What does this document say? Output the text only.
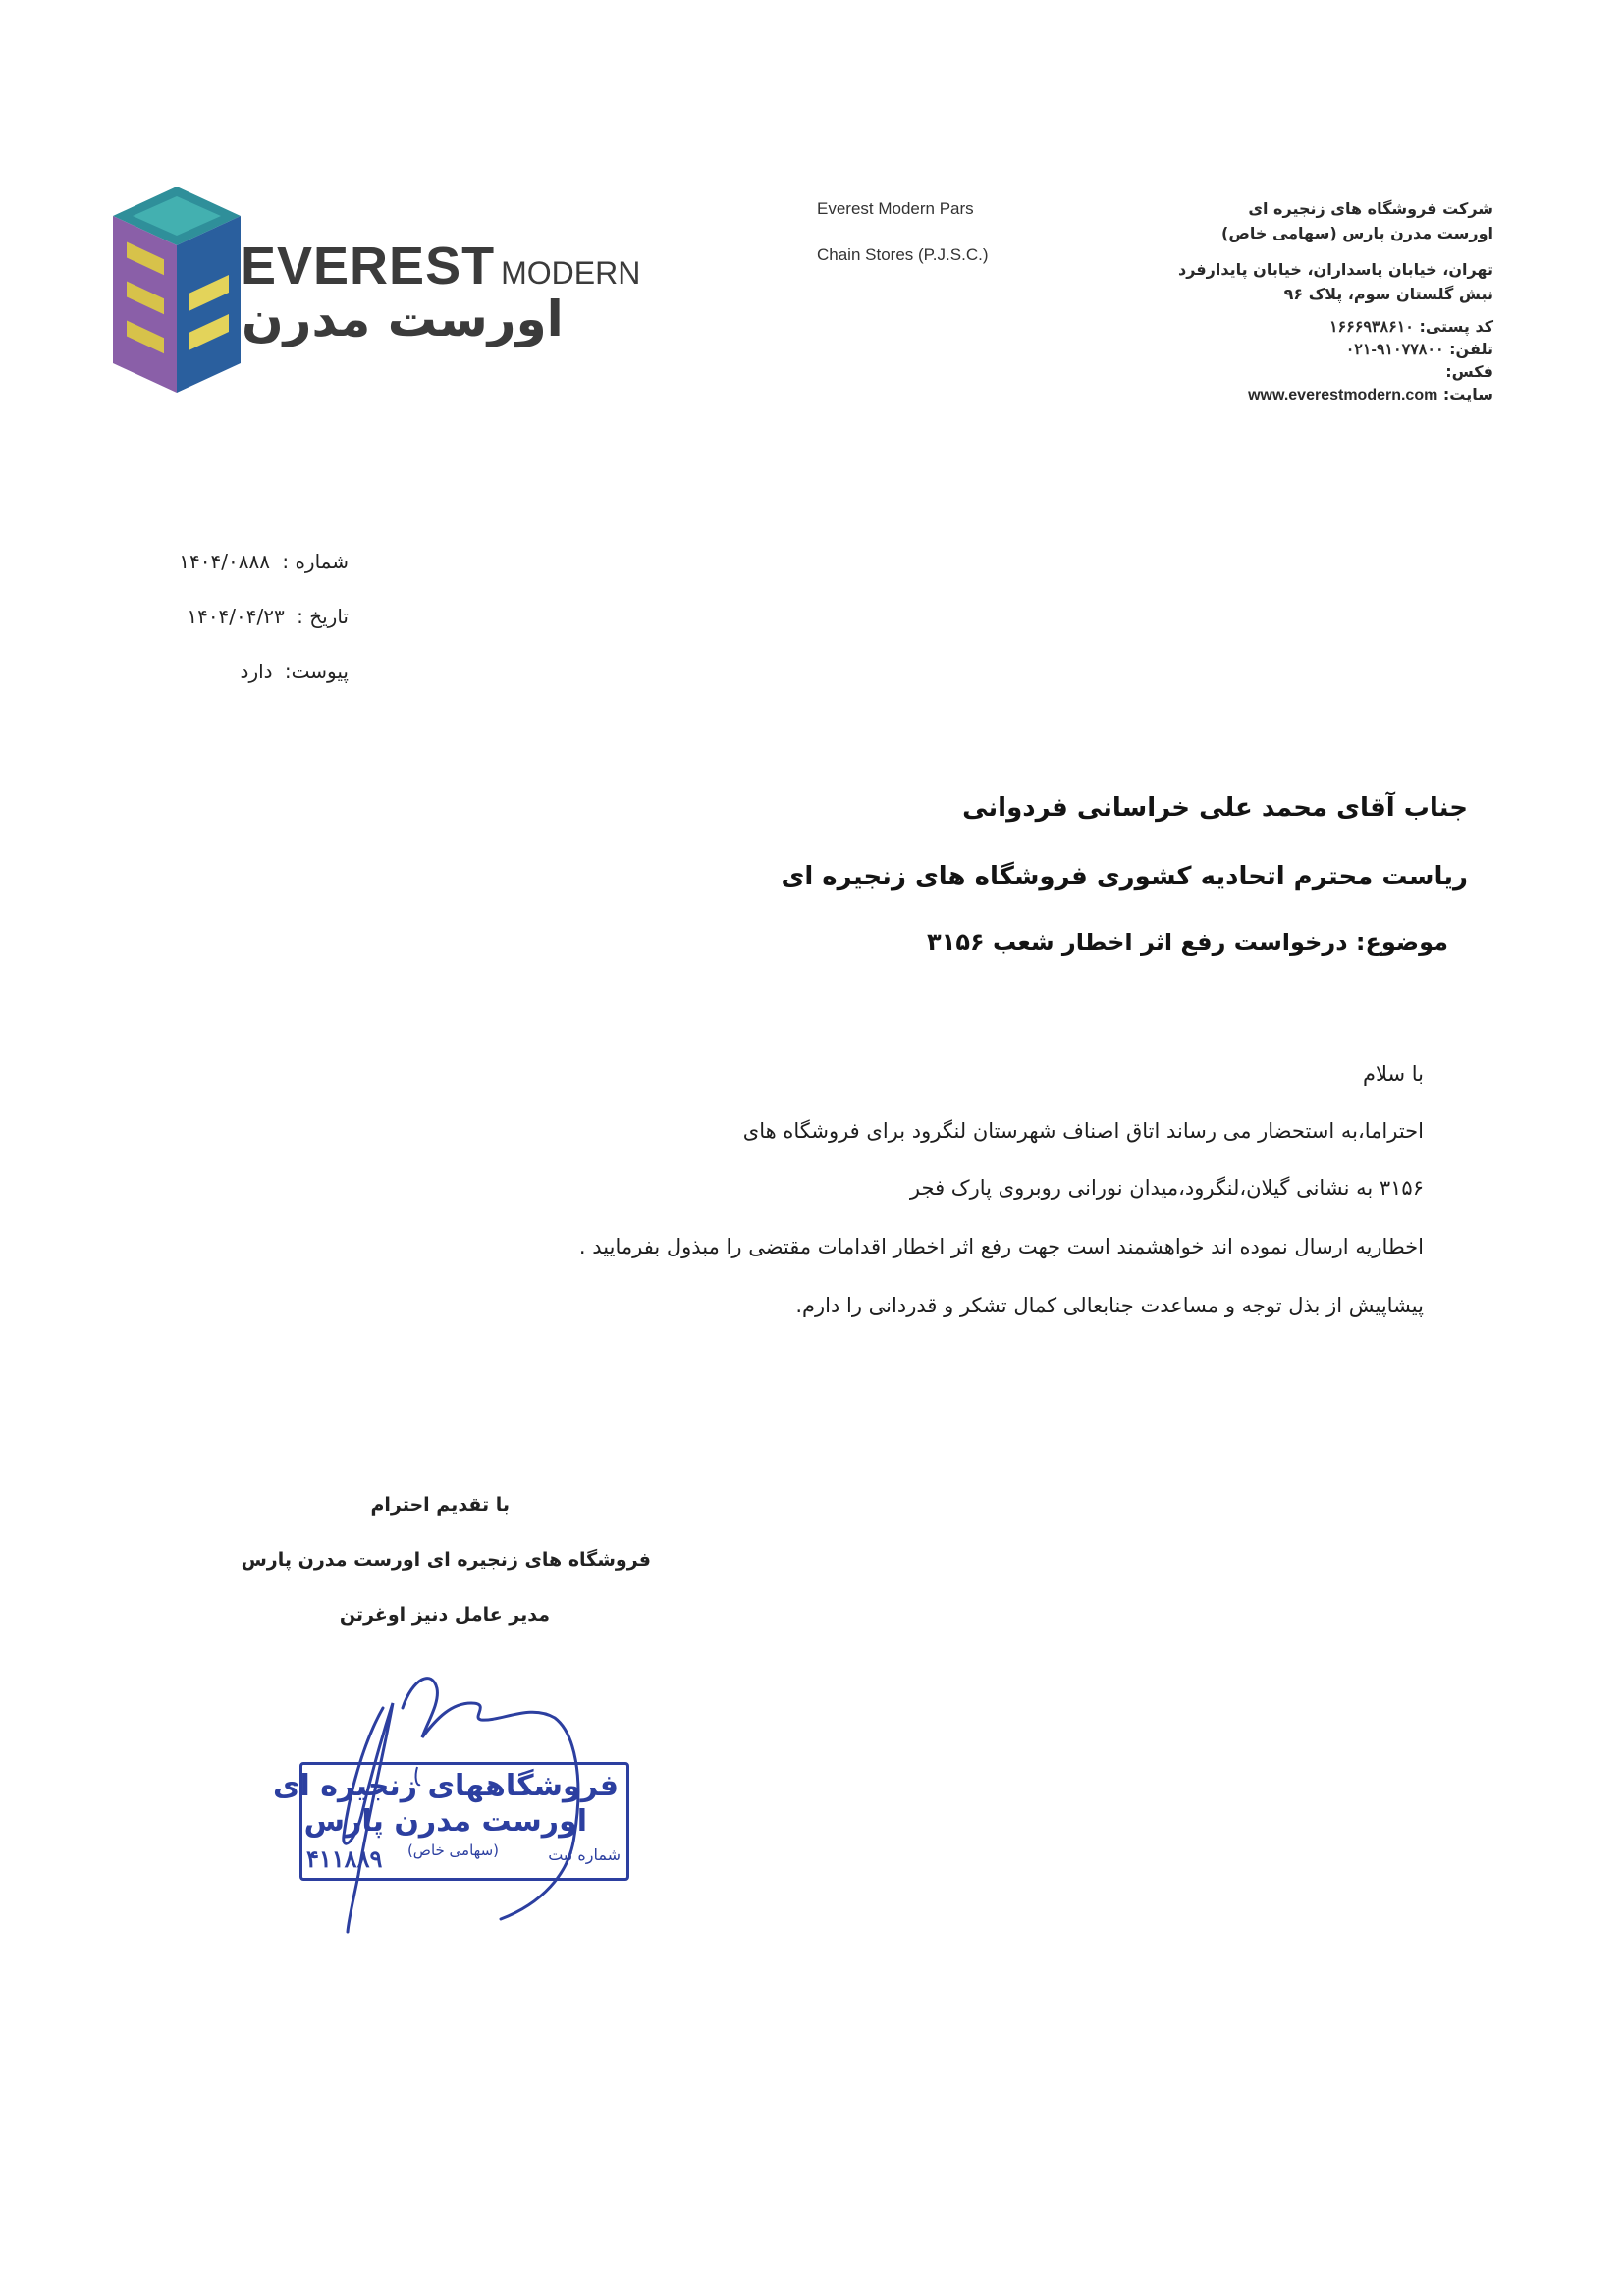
EVEREST MODERN
اورست مدرن
Everest Modern Pars
Chain Stores (P.J.S.C.)
شرکت فروشگاه های زنجیره ای
اورست مدرن پارس (سهامی خاص)
تهران، خیابان پاسداران، خیابان پایدارفرد
نبش گلستان سوم، پلاک ۹۶
کد پستی: ۱۶۶۶۹۳۸۶۱۰
تلفن: ۰۲۱-۹۱۰۷۷۸۰۰
فکس:
سایت: www.everestmodern.com
شماره : ۱۴۰۴/۰۸۸۸
تاریخ : ۱۴۰۴/۰۴/۲۳
پیوست: دارد
جناب آقای محمد علی خراسانی فردوانی
ریاست محترم اتحادیه کشوری فروشگاه های زنجیره ای
موضوع: درخواست رفع اثر اخطار شعب ۳۱۵۶
با سلام
احتراما،به استحضار می رساند اتاق اصناف شهرستان لنگرود برای فروشگاه های
۳۱۵۶ به نشانی گیلان،لنگرود،میدان نورانی روبروی پارک فجر
اخطاریه ارسال نموده اند خواهشمند است جهت رفع اثر اخطار اقدامات مقتضی را مبذول بفرمایید .
پیشاپیش از بذل توجه و مساعدت جنابعالی کمال تشکر و قدردانی را دارم.
با تقدیم احترام
فروشگاه های زنجیره ای اورست مدرن پارس
مدیر عامل دنیز اوغرتن
فروشگاههای زنجیره ای
اورست مدرن پارس
(سهامی خاص)	شماره ثبت
۴۱۱۸۸۹
